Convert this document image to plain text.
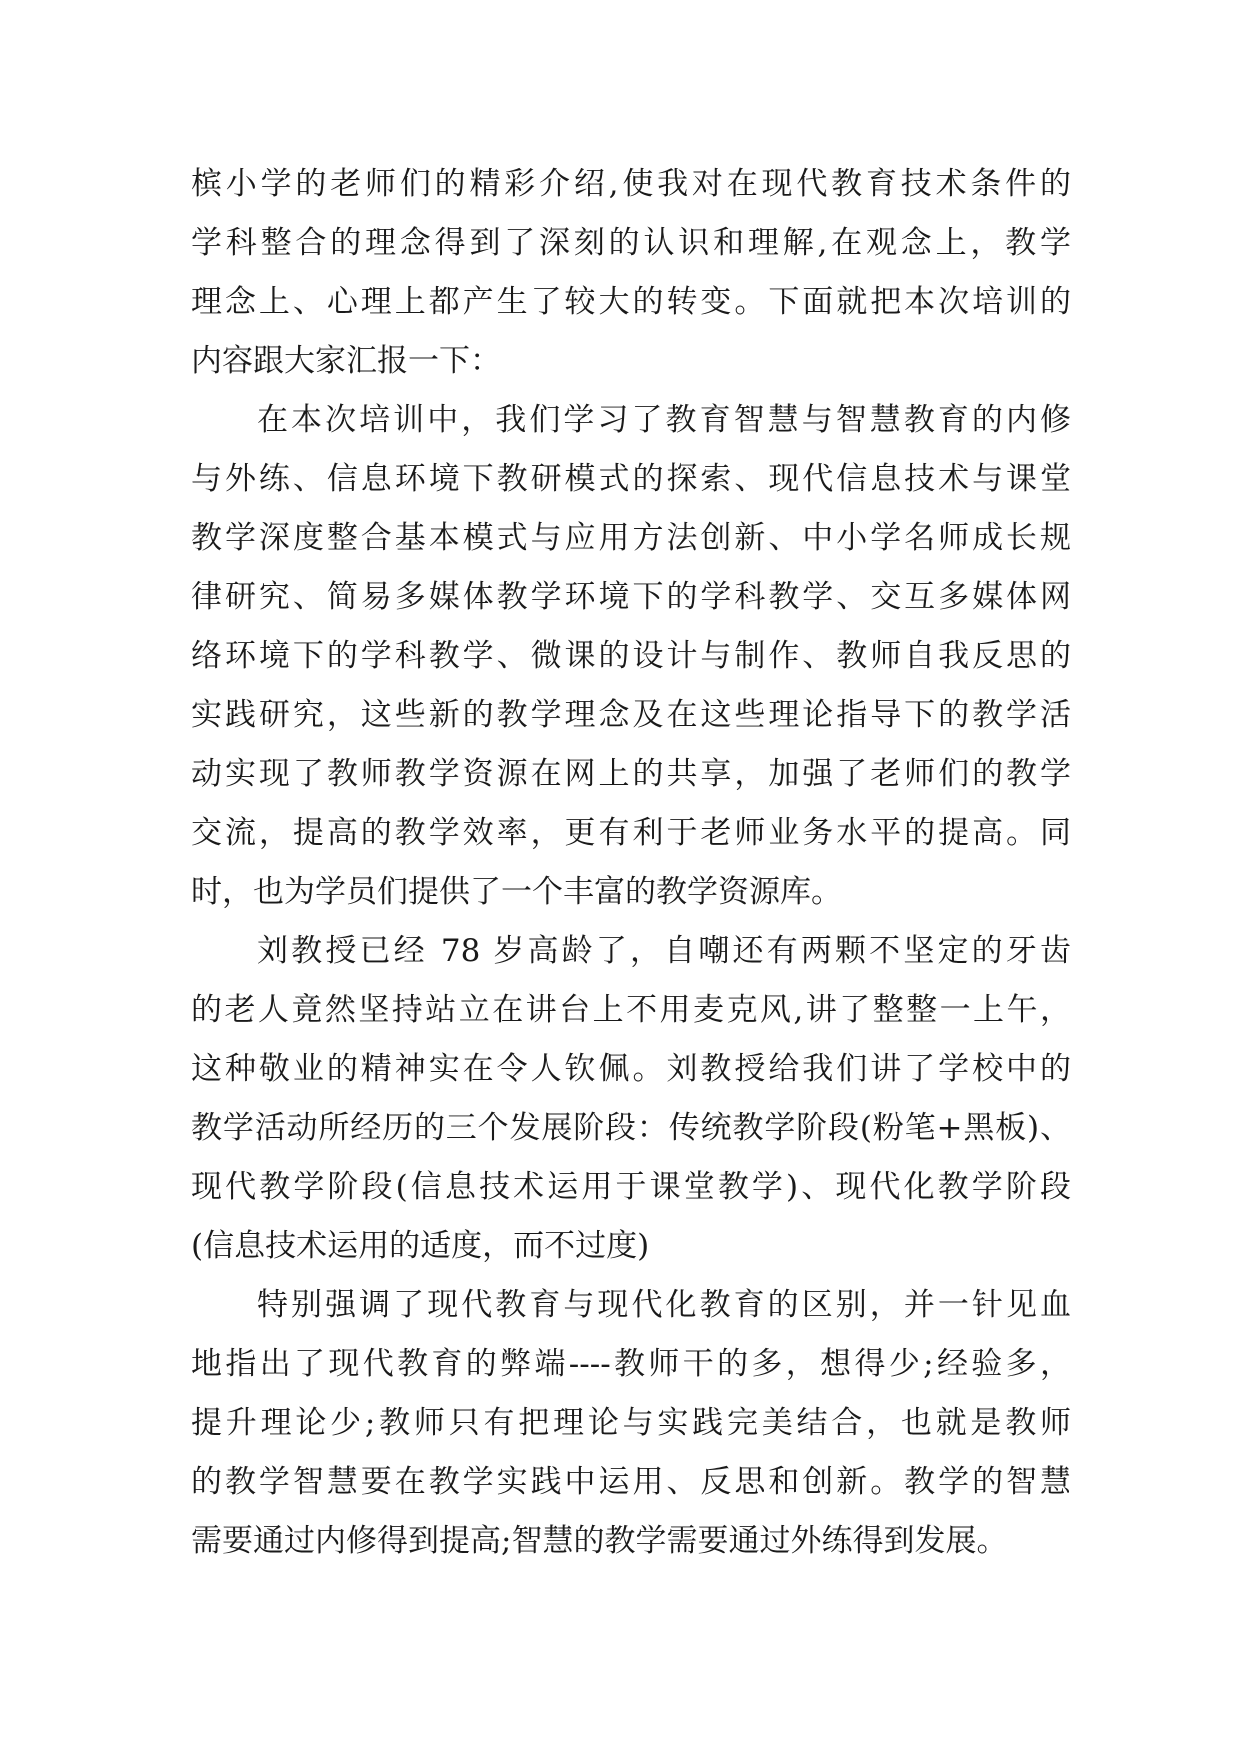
槟小学的老师们的精彩介绍,使我对在现代教育技术条件的
学科整合的理念得到了深刻的认识和理解,在观念上，教学
理念上、心理上都产生了较大的转变。下面就把本次培训的
内容跟大家汇报一下：
在本次培训中，我们学习了教育智慧与智慧教育的内修
与外练、信息环境下教研模式的探索、现代信息技术与课堂
教学深度整合基本模式与应用方法创新、中小学名师成长规
律研究、简易多媒体教学环境下的学科教学、交互多媒体网
络环境下的学科教学、微课的设计与制作、教师自我反思的
实践研究，这些新的教学理念及在这些理论指导下的教学活
动实现了教师教学资源在网上的共享，加强了老师们的教学
交流，提高的教学效率，更有利于老师业务水平的提高。同
时，也为学员们提供了一个丰富的教学资源库。
刘教授已经 78 岁高龄了，自嘲还有两颗不坚定的牙齿
的老人竟然坚持站立在讲台上不用麦克风,讲了整整一上午，
这种敬业的精神实在令人钦佩。刘教授给我们讲了学校中的
教学活动所经历的三个发展阶段：传统教学阶段(粉笔+黑板)、
现代教学阶段(信息技术运用于课堂教学)、现代化教学阶段
(信息技术运用的适度，而不过度)
特别强调了现代教育与现代化教育的区别，并一针见血
地指出了现代教育的弊端----教师干的多，想得少;经验多，
提升理论少;教师只有把理论与实践完美结合，也就是教师
的教学智慧要在教学实践中运用、反思和创新。教学的智慧
需要通过内修得到提高;智慧的教学需要通过外练得到发展。
